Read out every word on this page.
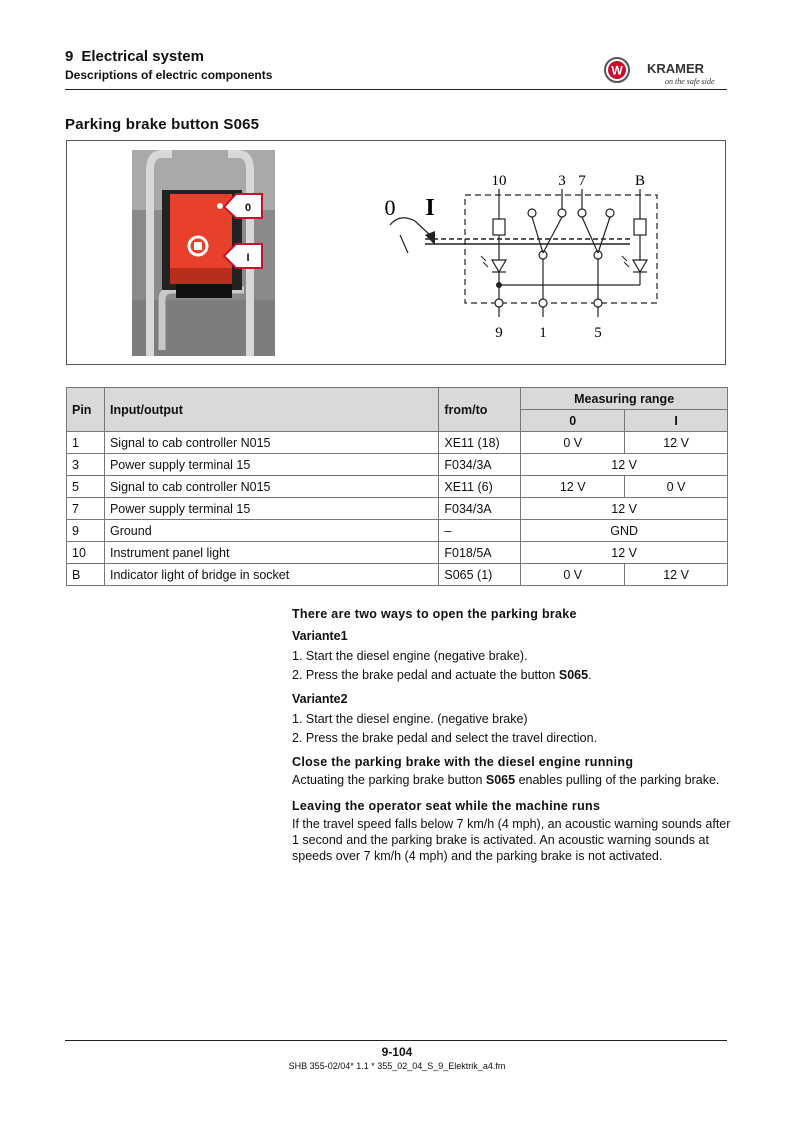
9 Electrical system
Descriptions of electric components	W KRAMER
on the safe side
Parking brake button S065
0
I
10	3 7	B
0 I
9 1	5
Pin	Input/output	from/to	Measuring range	
			0	I
1	Signal to cab controller N015	XE11 (18)	0 V	12 V
3	Power supply terminal 15	F034/3A	12 V	
5	Signal to cab controller N015	XE11 (6)	12 V	0 V
7	Power supply terminal 15	F034/3A	12 V	
9	Ground	–	GND	
10	Instrument panel light	F018/5A	12 V	
B	Indicator light of bridge in socket	S065 (1)	0 V	12 V
There are two ways to open the parking brake
Variante1
1. Start the diesel engine (negative brake).
2. Press the brake pedal and actuate the button S065.
Variante2
1. Start the diesel engine. (negative brake)
2. Press the brake pedal and select the travel direction.
Close the parking brake with the diesel engine running

Actuating the parking brake button S065 enables pulling of the parking brake.

Leaving the operator seat while the machine runs

If the travel speed falls below 7 km/h (4 mph), an acoustic warning sounds after 1 second and the parking brake is activated. An acoustic warning sounds at speeds over 7 km/h (4 mph) and the parking brake is not activated.

9-104
SHB 355-02/04* 1.1 * 355_02_04_S_9_Elektrik_a4.fm
